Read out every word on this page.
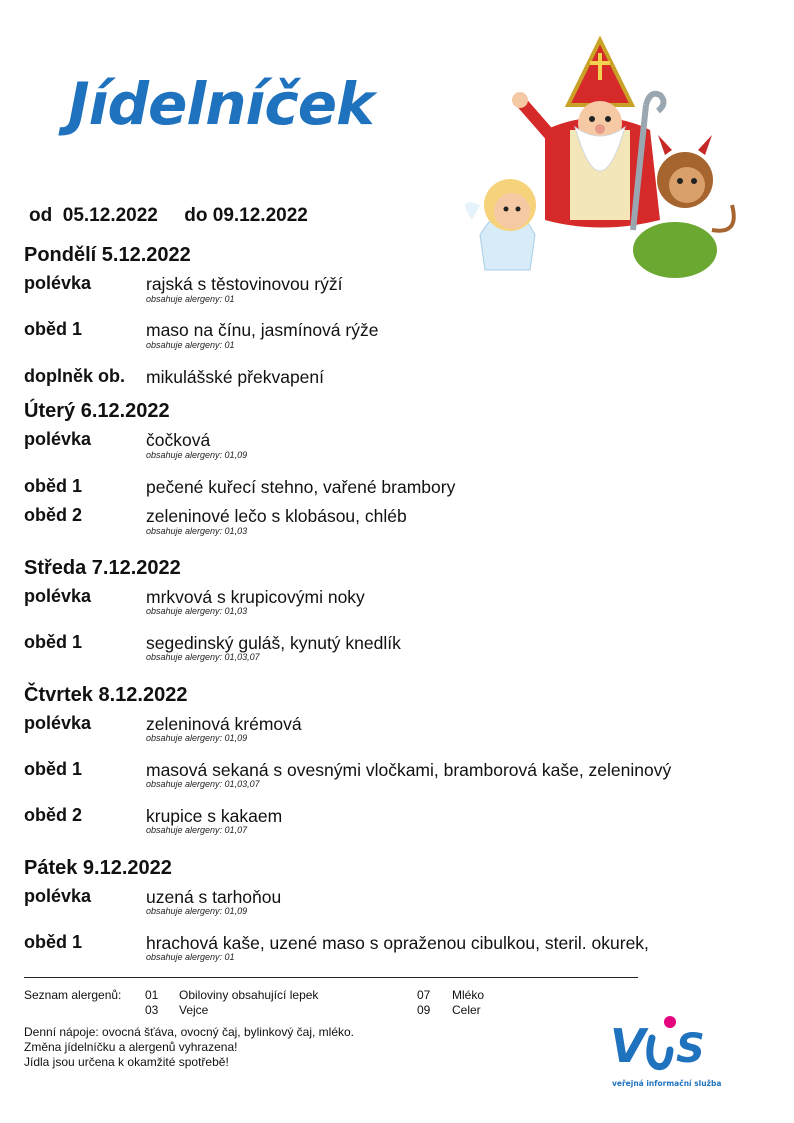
Jídelníček
od  05.12.2022     do 09.12.2022
Pondělí 5.12.2022
polévka	rajská s těstovinovou rýží
obsahuje alergeny: 01
oběd 1	maso na čínu, jasmínová rýže
obsahuje alergeny: 01
doplněk ob. mikulášské překvapení
Úterý 6.12.2022
polévka	čočková
obsahuje alergeny: 01,09
oběd 1	pečené kuřecí stehno, vařené brambory
oběd 2	zeleninové lečo s klobásou, chléb
obsahuje alergeny: 01,03
Středa 7.12.2022
polévka	mrkvová s krupicovými noky
obsahuje alergeny: 01,03
oběd 1	segedinský guláš, kynutý knedlík
obsahuje alergeny: 01,03,07
Čtvrtek 8.12.2022
polévka	zeleninová krémová
obsahuje alergeny: 01,09
oběd 1	masová sekaná s ovesnými vločkami, bramborová kaše, zeleninový
obsahuje alergeny: 01,03,07
oběd 2	krupice s kakaem
obsahuje alergeny: 01,07
Pátek 9.12.2022
polévka	uzená s tarhoňou
obsahuje alergeny: 01,09
oběd 1	hrachová kaše, uzené maso s opraženou cibulkou, steril. okurek,
obsahuje alergeny: 01
Seznam alergenů: 01 Obiloviny obsahující lepek
03 Vejce
07 Mléko
09 Celer
Denní nápoje: ovocná šťáva, ovocný čaj, bylinkový čaj, mléko.
Změna jídelníčku a alergenů vyhrazena!
Jídla jsou určena k okamžité spotřebě!	V S
veřejná informační služba
